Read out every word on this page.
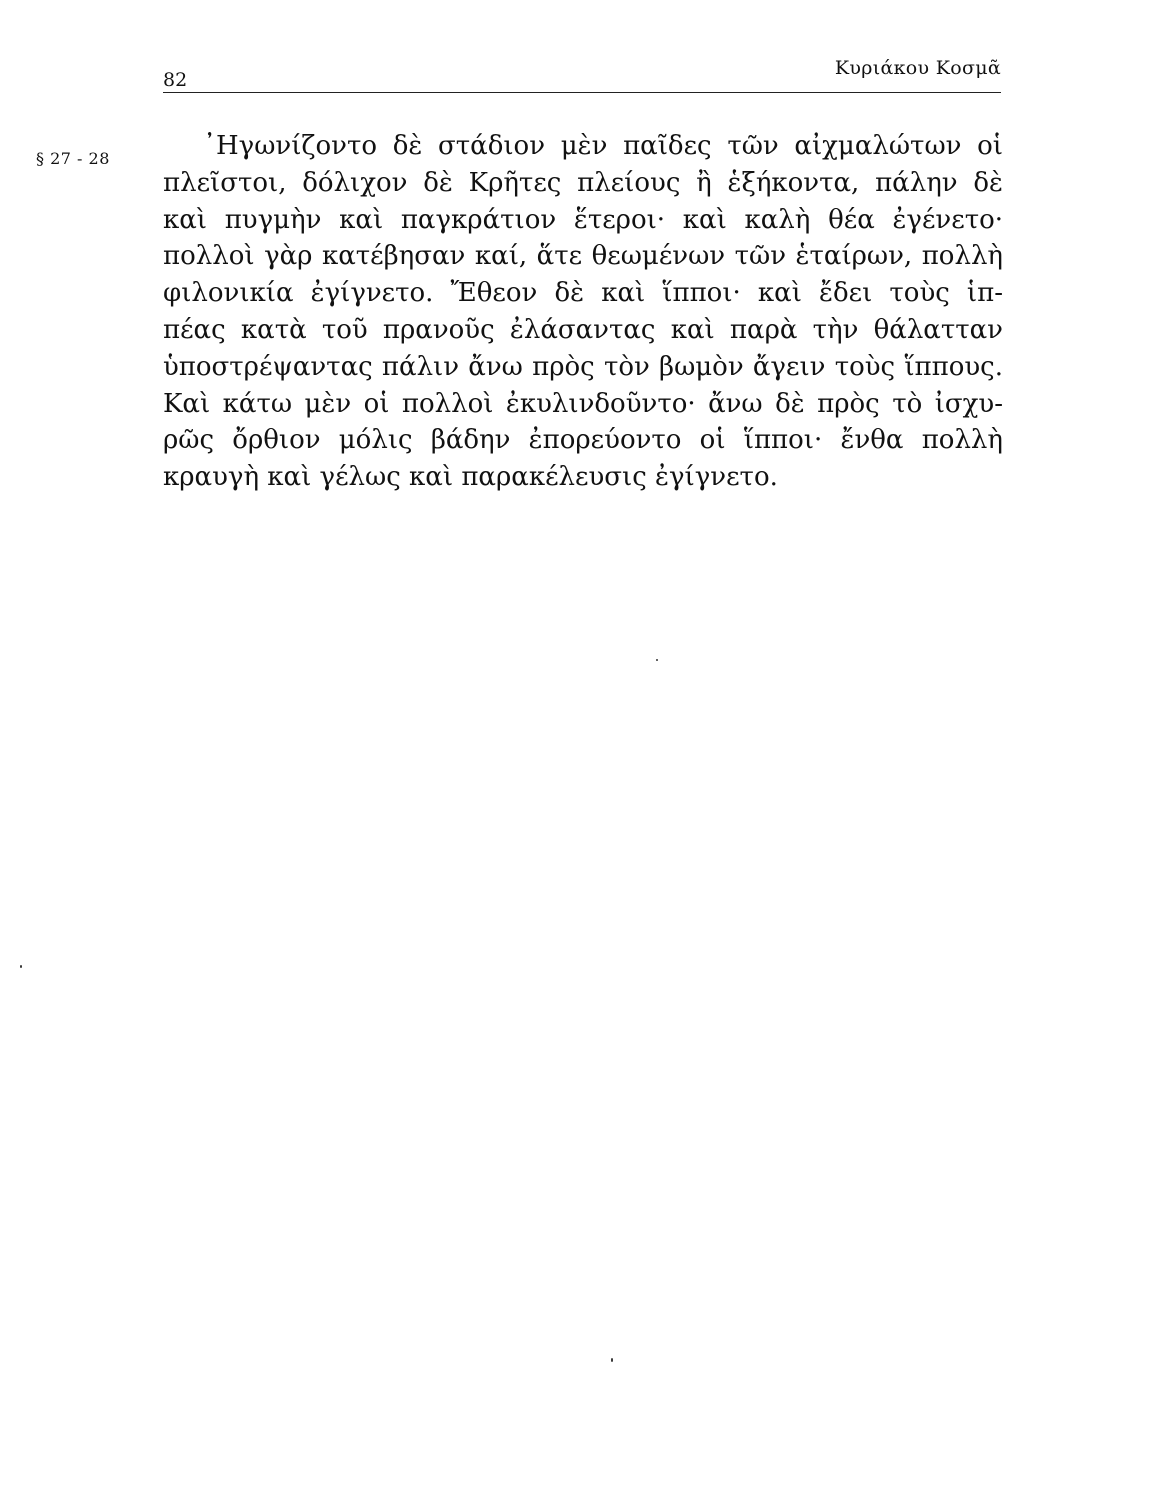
82
Κυριάκου Κοσμᾶ
§ 27 - 28	᾿Ηγωνίζοντο δὲ στάδιον μὲν παῖδες τῶν αἰχμαλώτων οἱ
πλεῖστοι, δόλιχον δὲ Κρῆτες πλείους ἢ ἑξήκοντα, πάλην δὲ
καὶ πυγμὴν καὶ παγκράτιον ἕτεροι· καὶ καλὴ θέα ἐγένετο·
πολλοὶ γὰρ κατέβησαν καί, ἅτε θεωμένων τῶν ἑταίρων, πολλὴ
φιλονικία ἐγίγνετο. Ἔθεον δὲ καὶ ἵπποι· καὶ ἔδει τοὺς ἱπ-
πέας κατὰ τοῦ πρανοῦς ἐλάσαντας καὶ παρὰ τὴν θάλατταν
ὑποστρέψαντας πάλιν ἄνω πρὸς τὸν βωμὸν ἄγειν τοὺς ἵππους.
Καὶ κάτω μὲν οἱ πολλοὶ ἐκυλινδοῦντο· ἄνω δὲ πρὸς τὸ ἰσχυ-
ρῶς ὄρθιον μόλις βάδην ἐπορεύοντο οἱ ἵπποι· ἔνθα πολλὴ
κραυγὴ καὶ γέλως καὶ παρακέλευσις ἐγίγνετο.
